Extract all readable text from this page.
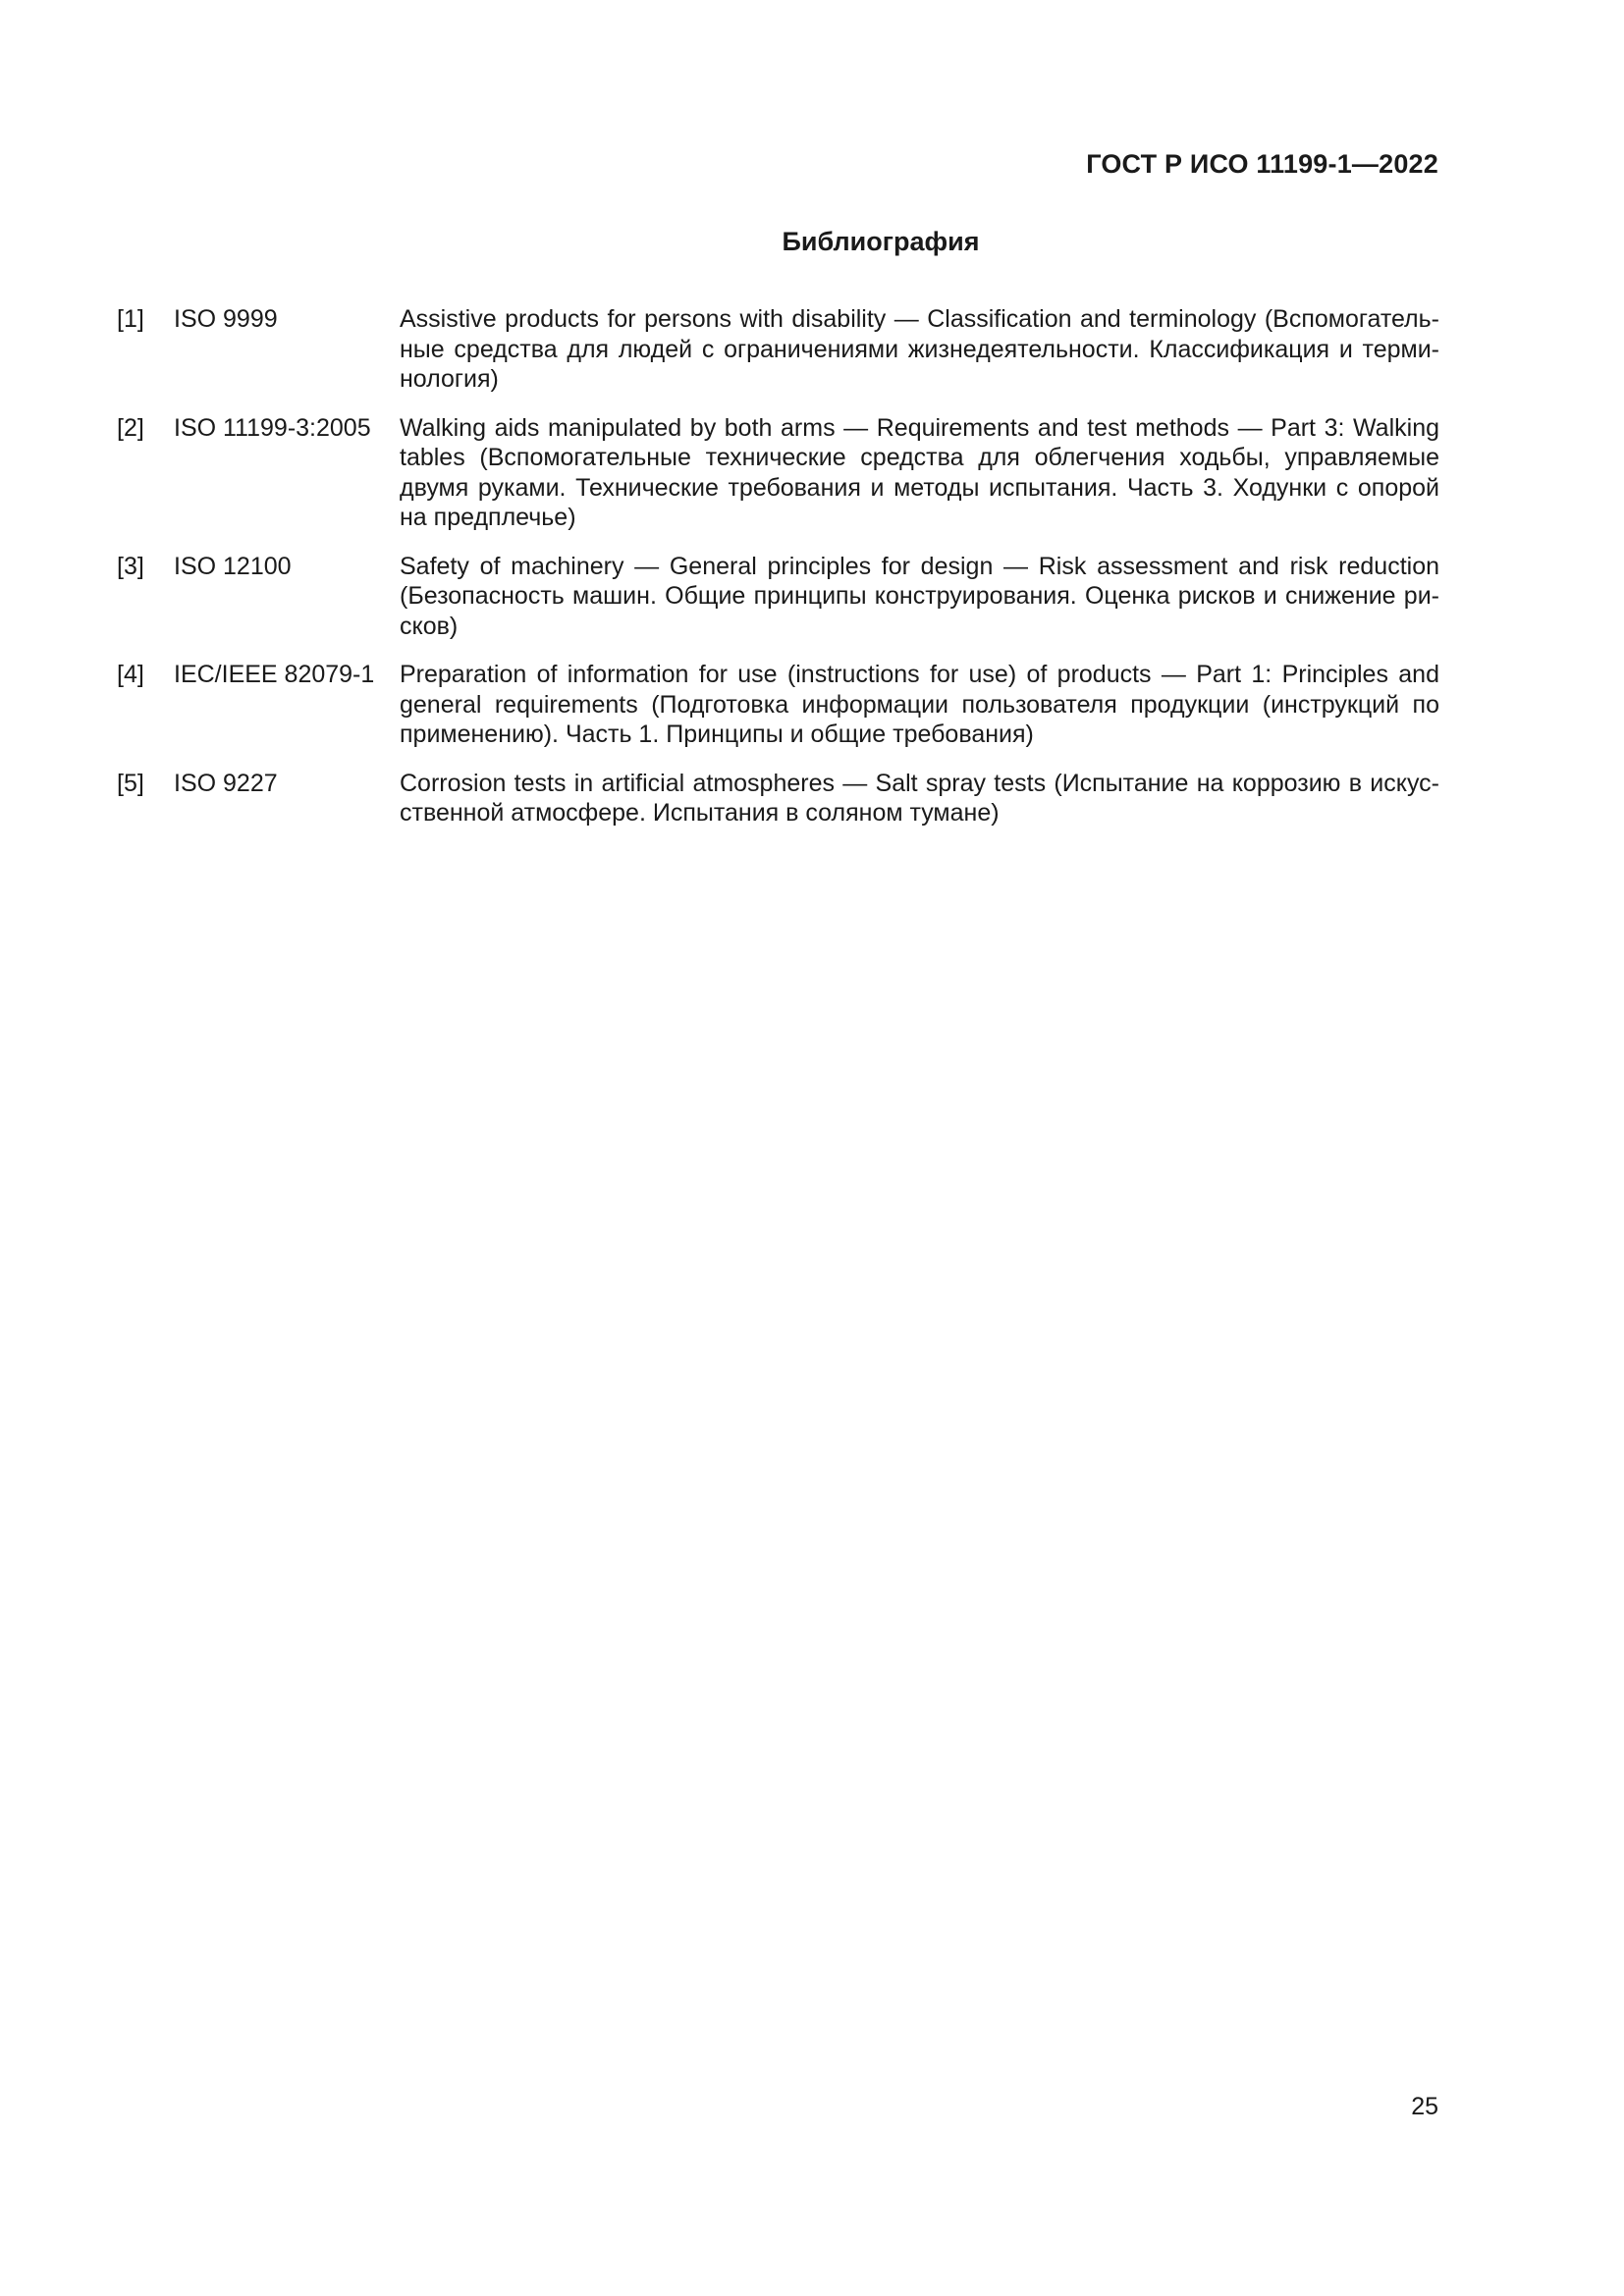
ГОСТ Р ИСО 11199-1—2022
Библиография
[1]	ISO 9999	Assistive products for persons with disability — Classification and terminology (Вспомогательные средства для людей с ограничениями жизнедеятельности. Классификация и терминология)
[2]	ISO 11199-3:2005	Walking aids manipulated by both arms — Requirements and test methods — Part 3: Walking tables (Вспомогательные технические средства для облегчения ходьбы, управляемые двумя руками. Технические требования и методы испытания. Часть 3. Ходунки с опорой на предплечье)
[3]	ISO 12100	Safety of machinery — General principles for design — Risk assessment and risk reduction (Безопасность машин. Общие принципы конструирования. Оценка рисков и снижение рисков)
[4]	IEC/IEEE 82079-1	Preparation of information for use (instructions for use) of products — Part 1: Principles and general requirements (Подготовка информации пользователя продукции (инструкций по применению). Часть 1. Принципы и общие требования)
[5]	ISO 9227	Corrosion tests in artificial atmospheres — Salt spray tests (Испытание на коррозию в искусственной атмосфере. Испытания в соляном тумане)
25
